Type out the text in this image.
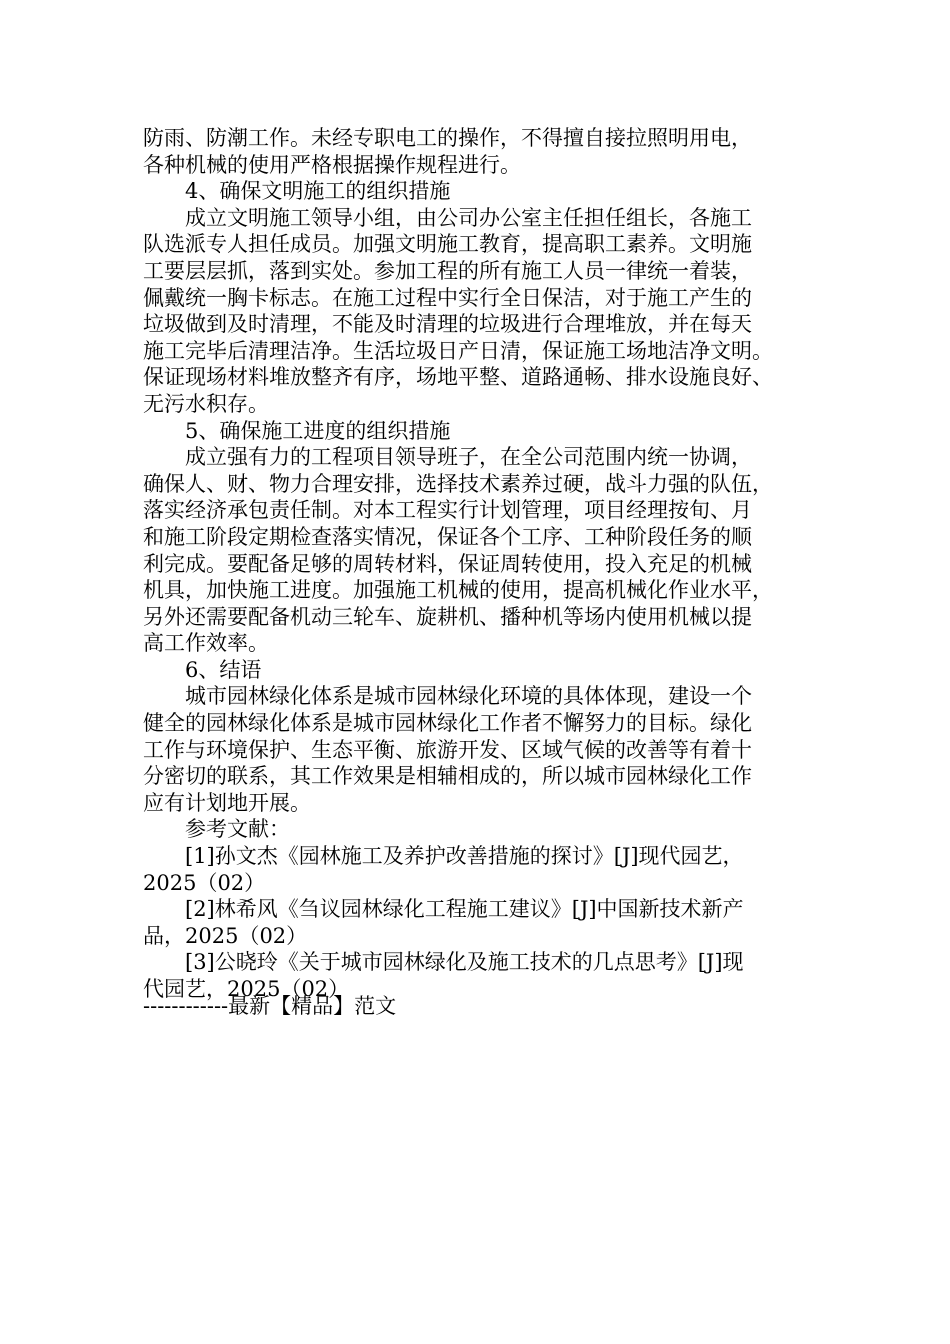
防雨、防潮工作。未经专职电工的操作，不得擅自接拉照明用电，
各种机械的使用严格根据操作规程进行。
4、确保文明施工的组织措施
成立文明施工领导小组，由公司办公室主任担任组长，各施工
队选派专人担任成员。加强文明施工教育，提高职工素养。文明施
工要层层抓，落到实处。参加工程的所有施工人员一律统一着装，
佩戴统一胸卡标志。在施工过程中实行全日保洁，对于施工产生的
垃圾做到及时清理，不能及时清理的垃圾进行合理堆放，并在每天
施工完毕后清理洁净。生活垃圾日产日清，保证施工场地洁净文明。
保证现场材料堆放整齐有序，场地平整、道路通畅、排水设施良好、
无污水积存。
5、确保施工进度的组织措施
成立强有力的工程项目领导班子，在全公司范围内统一协调，
确保人、财、物力合理安排，选择技术素养过硬，战斗力强的队伍，
落实经济承包责任制。对本工程实行计划管理，项目经理按旬、月
和施工阶段定期检查落实情况，保证各个工序、工种阶段任务的顺
利完成。要配备足够的周转材料，保证周转使用，投入充足的机械
机具，加快施工进度。加强施工机械的使用，提高机械化作业水平，
另外还需要配备机动三轮车、旋耕机、播种机等场内使用机械以提
高工作效率。
6、结语
城市园林绿化体系是城市园林绿化环境的具体体现，建设一个
健全的园林绿化体系是城市园林绿化工作者不懈努力的目标。绿化
工作与环境保护、生态平衡、旅游开发、区域气候的改善等有着十
分密切的联系，其工作效果是相辅相成的，所以城市园林绿化工作
应有计划地开展。
参考文献：
[1]孙文杰《园林施工及养护改善措施的探讨》[J]现代园艺，
2025（02）
[2]林希风《刍议园林绿化工程施工建议》[J]中国新技术新产
品，2025（02）
[3]公晓玲《关于城市园林绿化及施工技术的几点思考》[J]现
代园艺，2025（02）
------------最新【精品】范文
